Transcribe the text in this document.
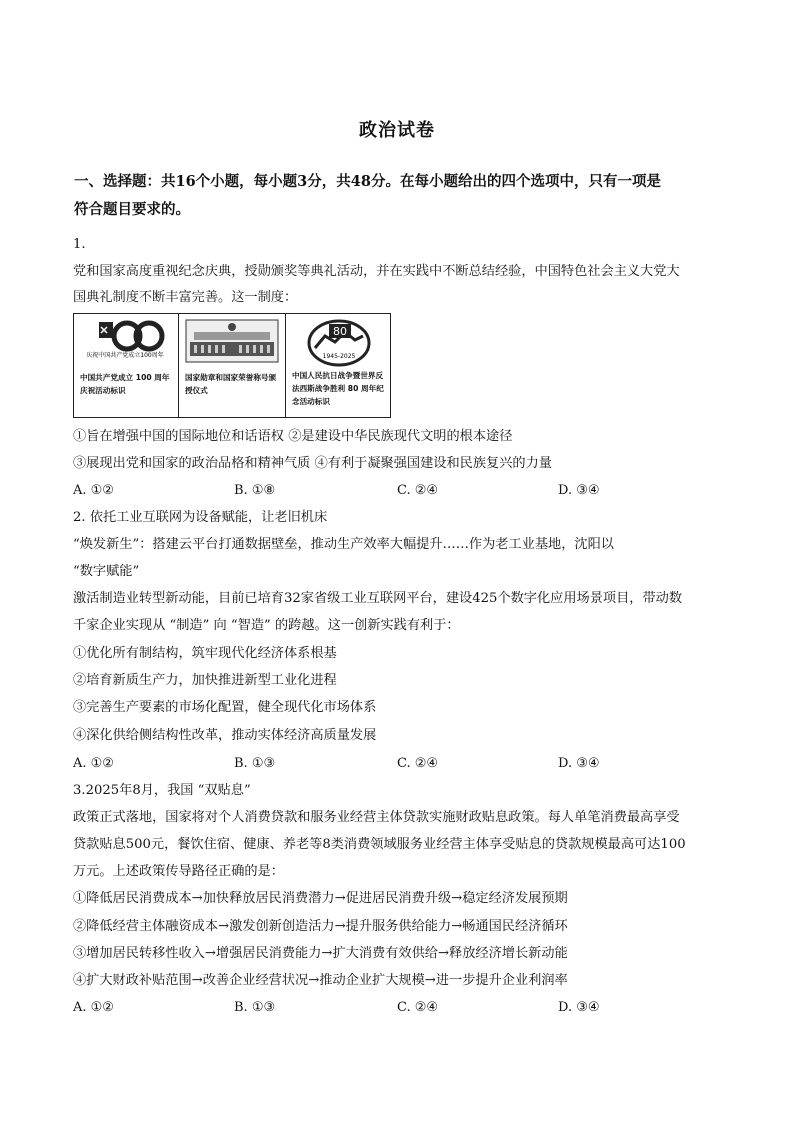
政治试卷
一、选择题：共16个小题，每小题3分，共48分。在每小题给出的四个选项中，只有一项是
符合题目要求的。
1.
党和国家高度重视纪念庆典，授勋颁奖等典礼活动，并在实践中不断总结经验，中国特色社会主义大党大
国典礼制度不断丰富完善。这一制度：
庆祝中国共产党成立100周年
中国共产党成立 100 周年庆祝活动标识
国家勋章和国家荣誉称号颁授仪式
80
1945-2025
中国人民抗日战争暨世界反法西斯战争胜利 80 周年纪念活动标识
①旨在增强中国的国际地位和话语权 ②是建设中华民族现代文明的根本途径
③展现出党和国家的政治品格和精神气质 ④有利于凝聚强国建设和民族复兴的力量
A. ①②	B. ①⑧	C. ②④	D. ③④
2. 依托工业互联网为设备赋能，让老旧机床
“焕发新生”：搭建云平台打通数据壁垒，推动生产效率大幅提升……作为老工业基地，沈阳以
“数字赋能”
激活制造业转型新动能，目前已培育32家省级工业互联网平台，建设425个数字化应用场景项目，带动数
千家企业实现从 “制造” 向 “智造” 的跨越。这一创新实践有利于：
①优化所有制结构，筑牢现代化经济体系根基
②培育新质生产力，加快推进新型工业化进程
③完善生产要素的市场化配置，健全现代化市场体系
④深化供给侧结构性改革，推动实体经济高质量发展
A. ①②	B. ①③	C. ②④	D. ③④
3.2025年8月，我国 “双贴息”
政策正式落地，国家将对个人消费贷款和服务业经营主体贷款实施财政贴息政策。每人单笔消费最高享受
贷款贴息500元，餐饮住宿、健康、养老等8类消费领域服务业经营主体享受贴息的贷款规模最高可达100
万元。上述政策传导路径正确的是：
①降低居民消费成本→加快释放居民消费潜力→促进居民消费升级→稳定经济发展预期
②降低经营主体融资成本→激发创新创造活力→提升服务供给能力→畅通国民经济循环
③增加居民转移性收入→增强居民消费能力→扩大消费有效供给→释放经济增长新动能
④扩大财政补贴范围→改善企业经营状况→推动企业扩大规模→进一步提升企业利润率
A. ①②	B. ①③	C. ②④	D. ③④
